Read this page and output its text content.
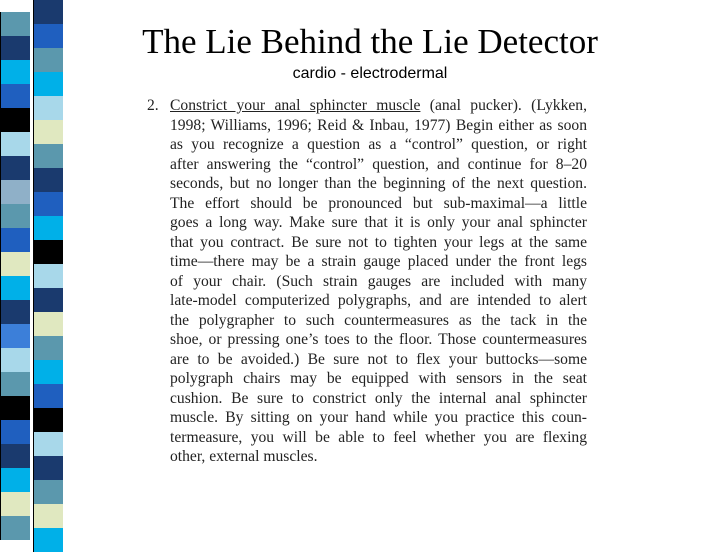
The Lie Behind the Lie Detector
cardio - electrodermal
2. Constrict your anal sphincter muscle (anal pucker). (Lykken,
1998; Williams, 1996; Reid & Inbau, 1977) Begin either as soon
as you recognize a question as a “control” question, or right
after answering the “control” question, and continue for 8–20
seconds, but no longer than the beginning of the next question.
The effort should be pronounced but sub-maximal—a little
goes a long way. Make sure that it is only your anal sphincter
that you contract. Be sure not to tighten your legs at the same
time—there may be a strain gauge placed under the front legs
of your chair. (Such strain gauges are included with many
late-model computerized polygraphs, and are intended to alert
the polygrapher to such countermeasures as the tack in the
shoe, or pressing one’s toes to the floor. Those countermeasures
are to be avoided.) Be sure not to flex your buttocks—some
polygraph chairs may be equipped with sensors in the seat
cushion. Be sure to constrict only the internal anal sphincter
muscle. By sitting on your hand while you practice this coun-
termeasure, you will be able to feel whether you are flexing
other, external muscles.
